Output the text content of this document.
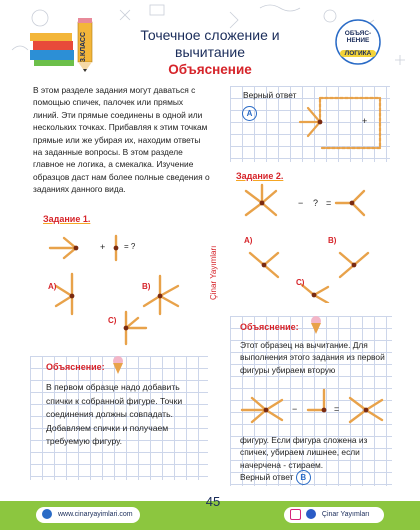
3.КЛАСС	Точечное сложение и вычитание
Объяснение
ОБЪЯС-НЕНИЕ
ЛОГИКА
В этом разделе задания могут даваться с помощью спичек, палочек или прямых линий. Эти прямые соединены в одной или нескольких точках. Прибавляя к этим точкам прямые или же убирая их, находим ответы на заданные вопросы. В этом разделе главное не логика, а смекалка. Изучение образцов даст нам более полные сведения о заданиях данного вида.
Задание 1.
+ = ?
A)	B)
C)
Объяснение:
В первом образце надо добавить спички к собранной фигуре. Точки соединения должны совпадать. Добавляем спички и получаем требуемую фигуру.
Çinar Yayımları
Верный ответ
A
+
Задание 2.
− ? =
A)	B)
C)
Объяснение:
Этот образец на вычитание. Для выполнения этого задания из первой фигуры убираем вторую
−	=
фигуру. Если фигура сложена из спичек, убираем лишнее, если начерчена - стираем.
Верный ответ B
45
www.cinaryayimlari.com	Çinar Yayımları
